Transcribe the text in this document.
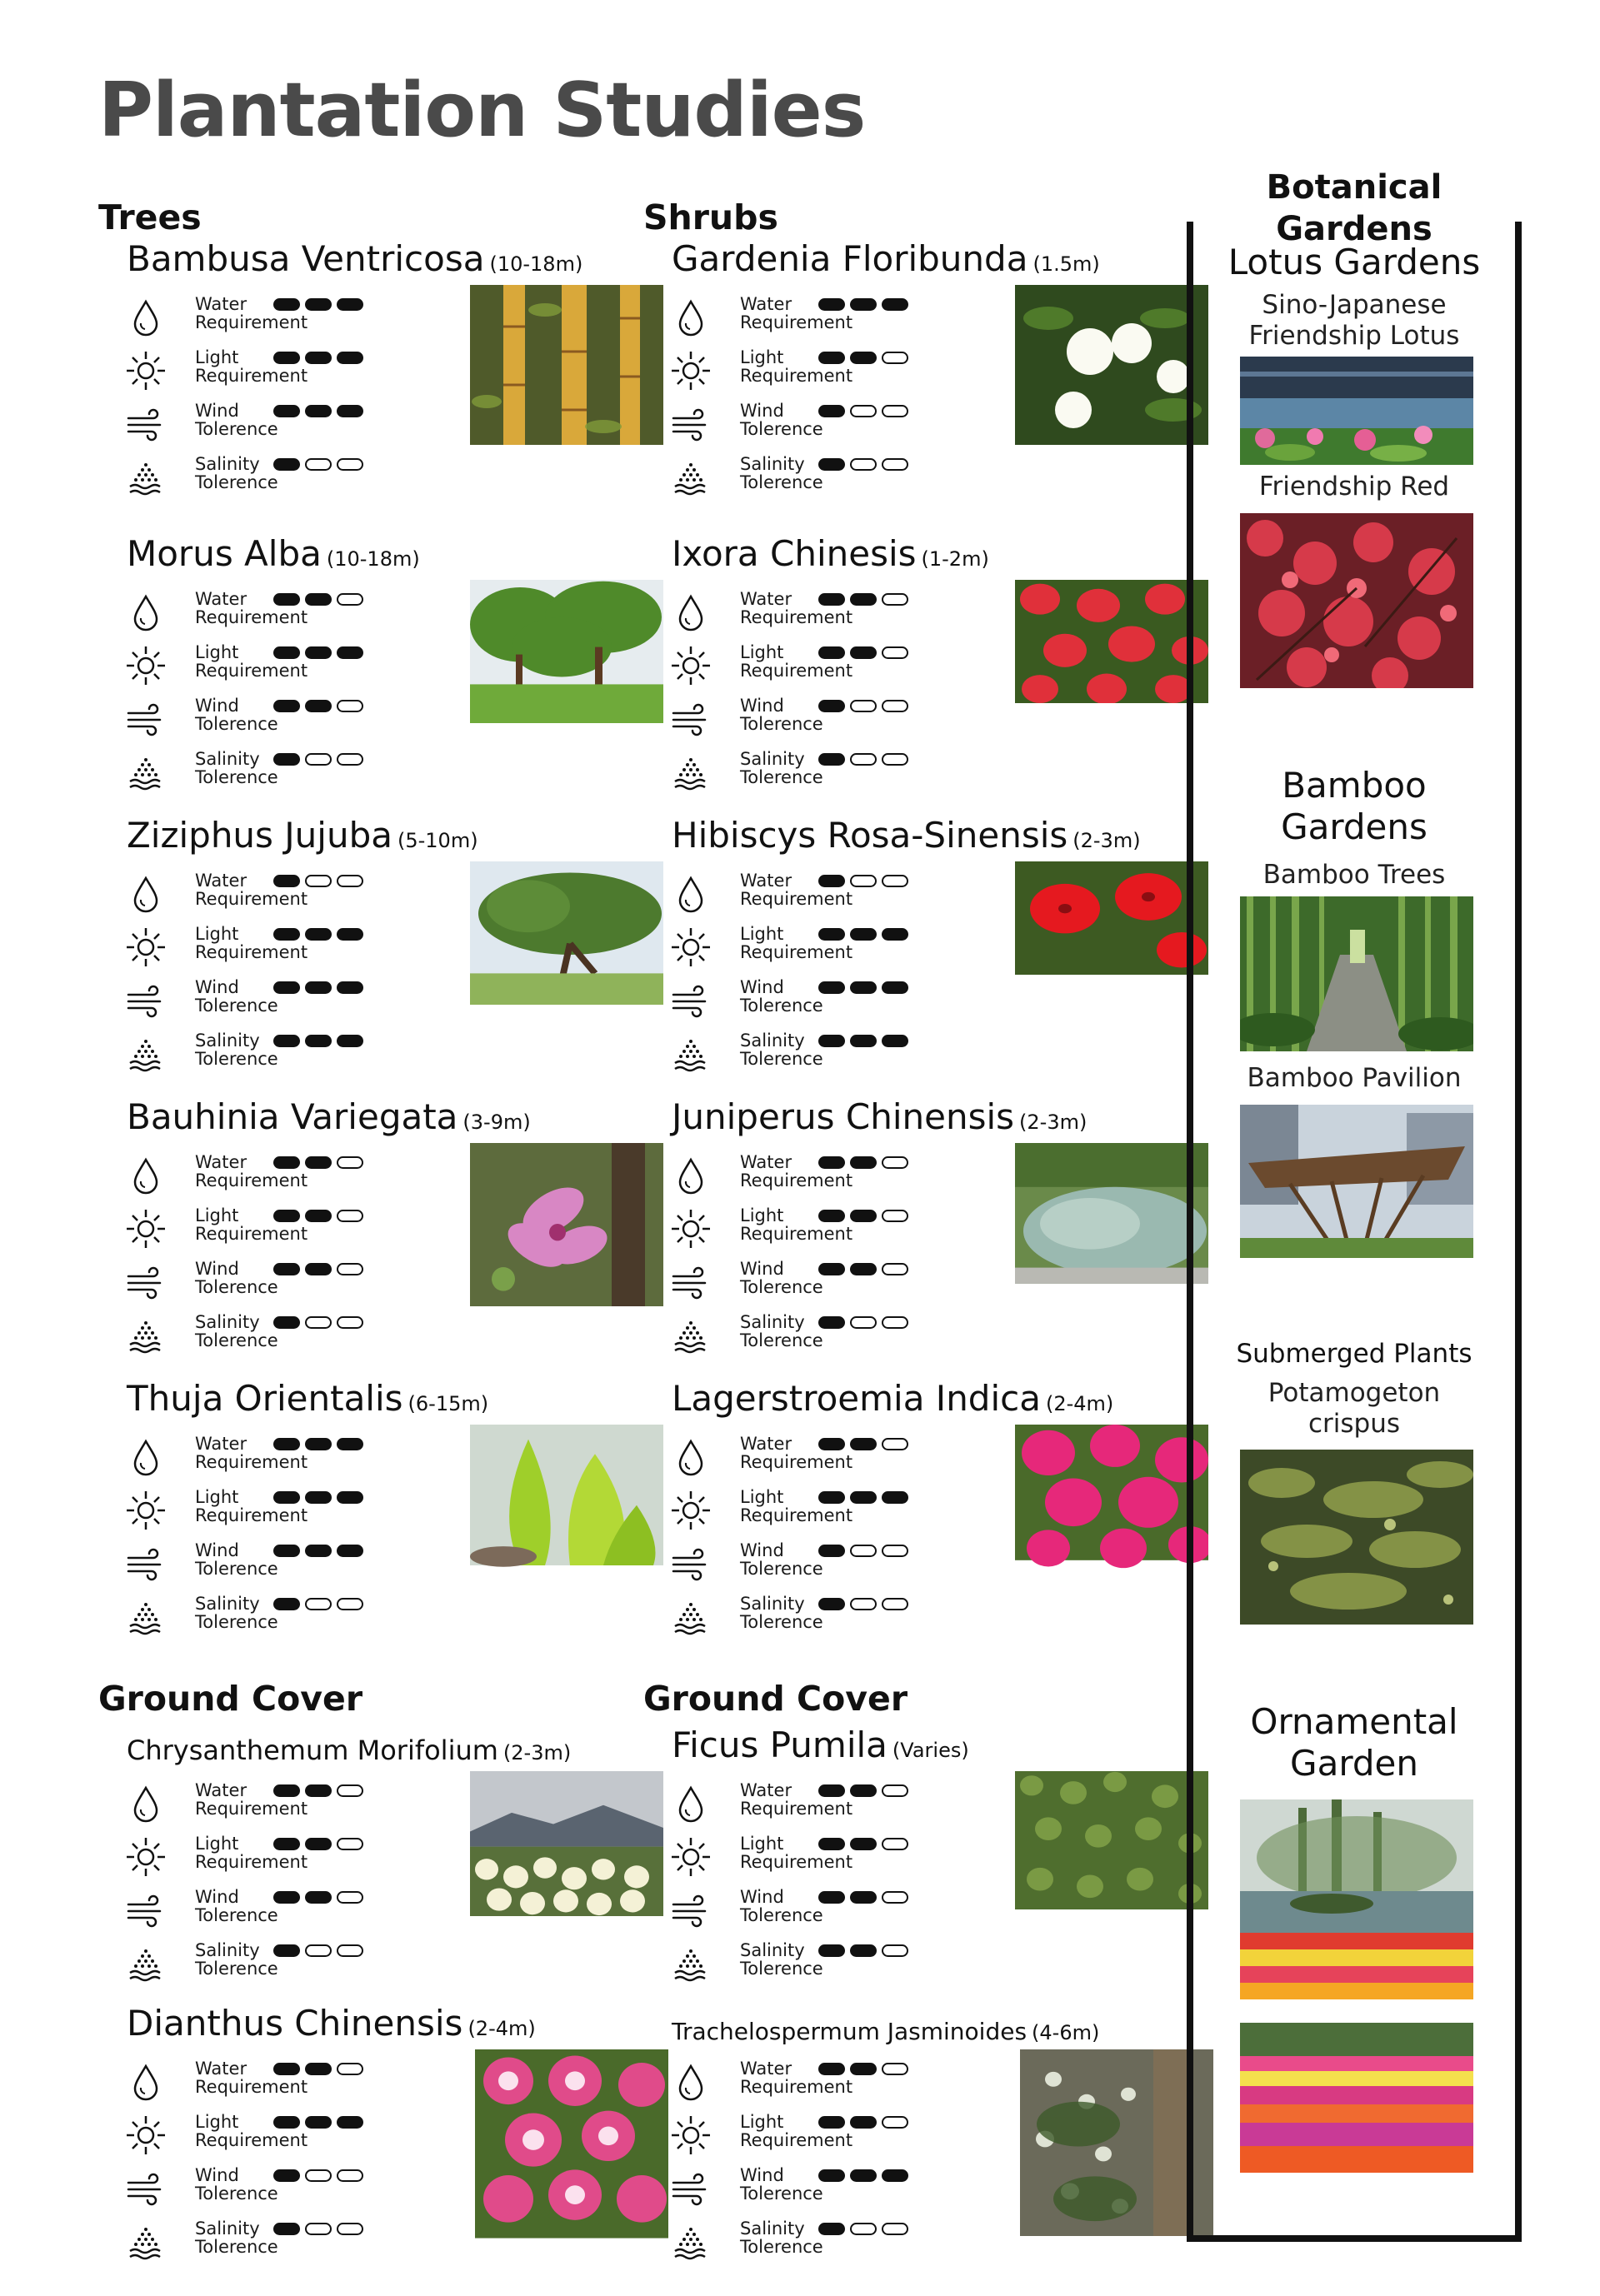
Plantation Studies
Trees	Shrubs
Ground Cover	Ground Cover
Bambusa Ventricosa (10-18m)
Water
Requirement
Light
Requirement
Wind
Tolerence
Salinity
Tolerence
Morus Alba (10-18m)
Water
Requirement
Light
Requirement
Wind
Tolerence
Salinity
Tolerence
Ziziphus Jujuba (5-10m)
Water
Requirement
Light
Requirement
Wind
Tolerence
Salinity
Tolerence
Bauhinia Variegata (3-9m)
Water
Requirement
Light
Requirement
Wind
Tolerence
Salinity
Tolerence
Thuja Orientalis (6-15m)
Water
Requirement
Light
Requirement
Wind
Tolerence
Salinity
Tolerence
Gardenia Floribunda (1.5m)
Water
Requirement
Light
Requirement
Wind
Tolerence
Salinity
Tolerence
Ixora Chinesis (1-2m)
Water
Requirement
Light
Requirement
Wind
Tolerence
Salinity
Tolerence
Hibiscys Rosa-Sinensis (2-3m)
Water
Requirement
Light
Requirement
Wind
Tolerence
Salinity
Tolerence
Juniperus Chinensis (2-3m)
Water
Requirement
Light
Requirement
Wind
Tolerence
Salinity
Tolerence
Lagerstroemia Indica (2-4m)
Water
Requirement
Light
Requirement
Wind
Tolerence
Salinity
Tolerence
Chrysanthemum Morifolium (2-3m)
Water
Requirement
Light
Requirement
Wind
Tolerence
Salinity
Tolerence
Dianthus Chinensis (2-4m)
Water
Requirement
Light
Requirement
Wind
Tolerence
Salinity
Tolerence
Ficus Pumila (Varies)
Water
Requirement
Light
Requirement
Wind
Tolerence
Salinity
Tolerence
Trachelospermum Jasminoides (4-6m)
Water
Requirement
Light
Requirement
Wind
Tolerence
Salinity
Tolerence
Botanical Gardens
Lotus Gardens
Sino-Japanese
Friendship Lotus
Friendship Red
Bamboo
Gardens
Bamboo Trees
Bamboo Pavilion
Submerged Plants
Potamogeton
crispus
Ornamental
Garden
